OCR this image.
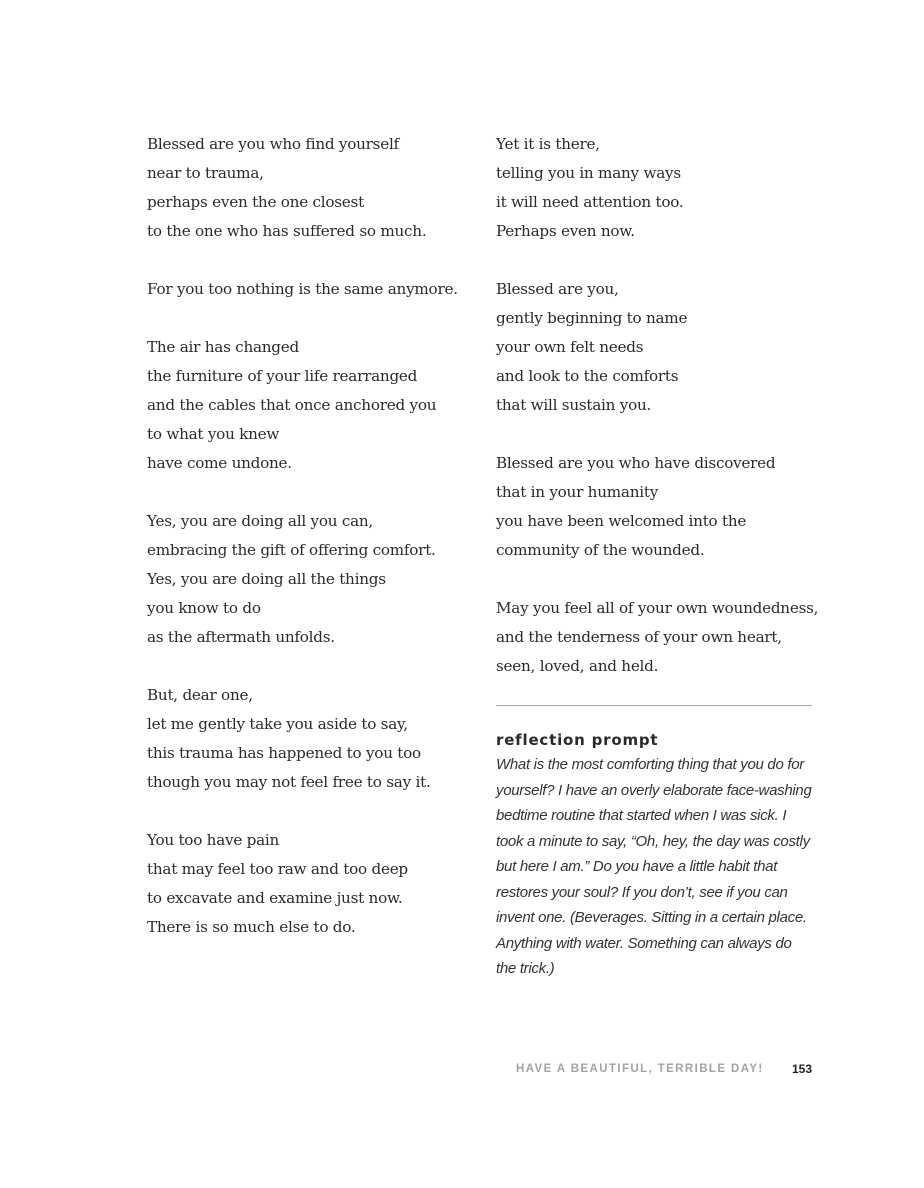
Blessed are you who find yourself
near to trauma,
perhaps even the one closest
to the one who has suffered so much.
For you too nothing is the same anymore.
The air has changed
the furniture of your life rearranged
and the cables that once anchored you
to what you knew
have come undone.
Yes, you are doing all you can,
embracing the gift of offering comfort.
Yes, you are doing all the things
you know to do
as the aftermath unfolds.
But, dear one,
let me gently take you aside to say,
this trauma has happened to you too
though you may not feel free to say it.
You too have pain
that may feel too raw and too deep
to excavate and examine just now.
There is so much else to do.
Yet it is there,
telling you in many ways
it will need attention too.
Perhaps even now.
Blessed are you,
gently beginning to name
your own felt needs
and look to the comforts
that will sustain you.
Blessed are you who have discovered
that in your humanity
you have been welcomed into the
community of the wounded.
May you feel all of your own woundedness,
and the tenderness of your own heart,
seen, loved, and held.
reflection prompt
What is the most comforting thing that you do for yourself? I have an overly elaborate face-washing bedtime routine that started when I was sick. I took a minute to say, “Oh, hey, the day was costly but here I am.” Do you have a little habit that restores your soul? If you don’t, see if you can invent one. (Beverages. Sitting in a certain place. Anything with water. Something can always do the trick.)
HAVE A BEAUTIFUL, TERRIBLE DAY! 153
